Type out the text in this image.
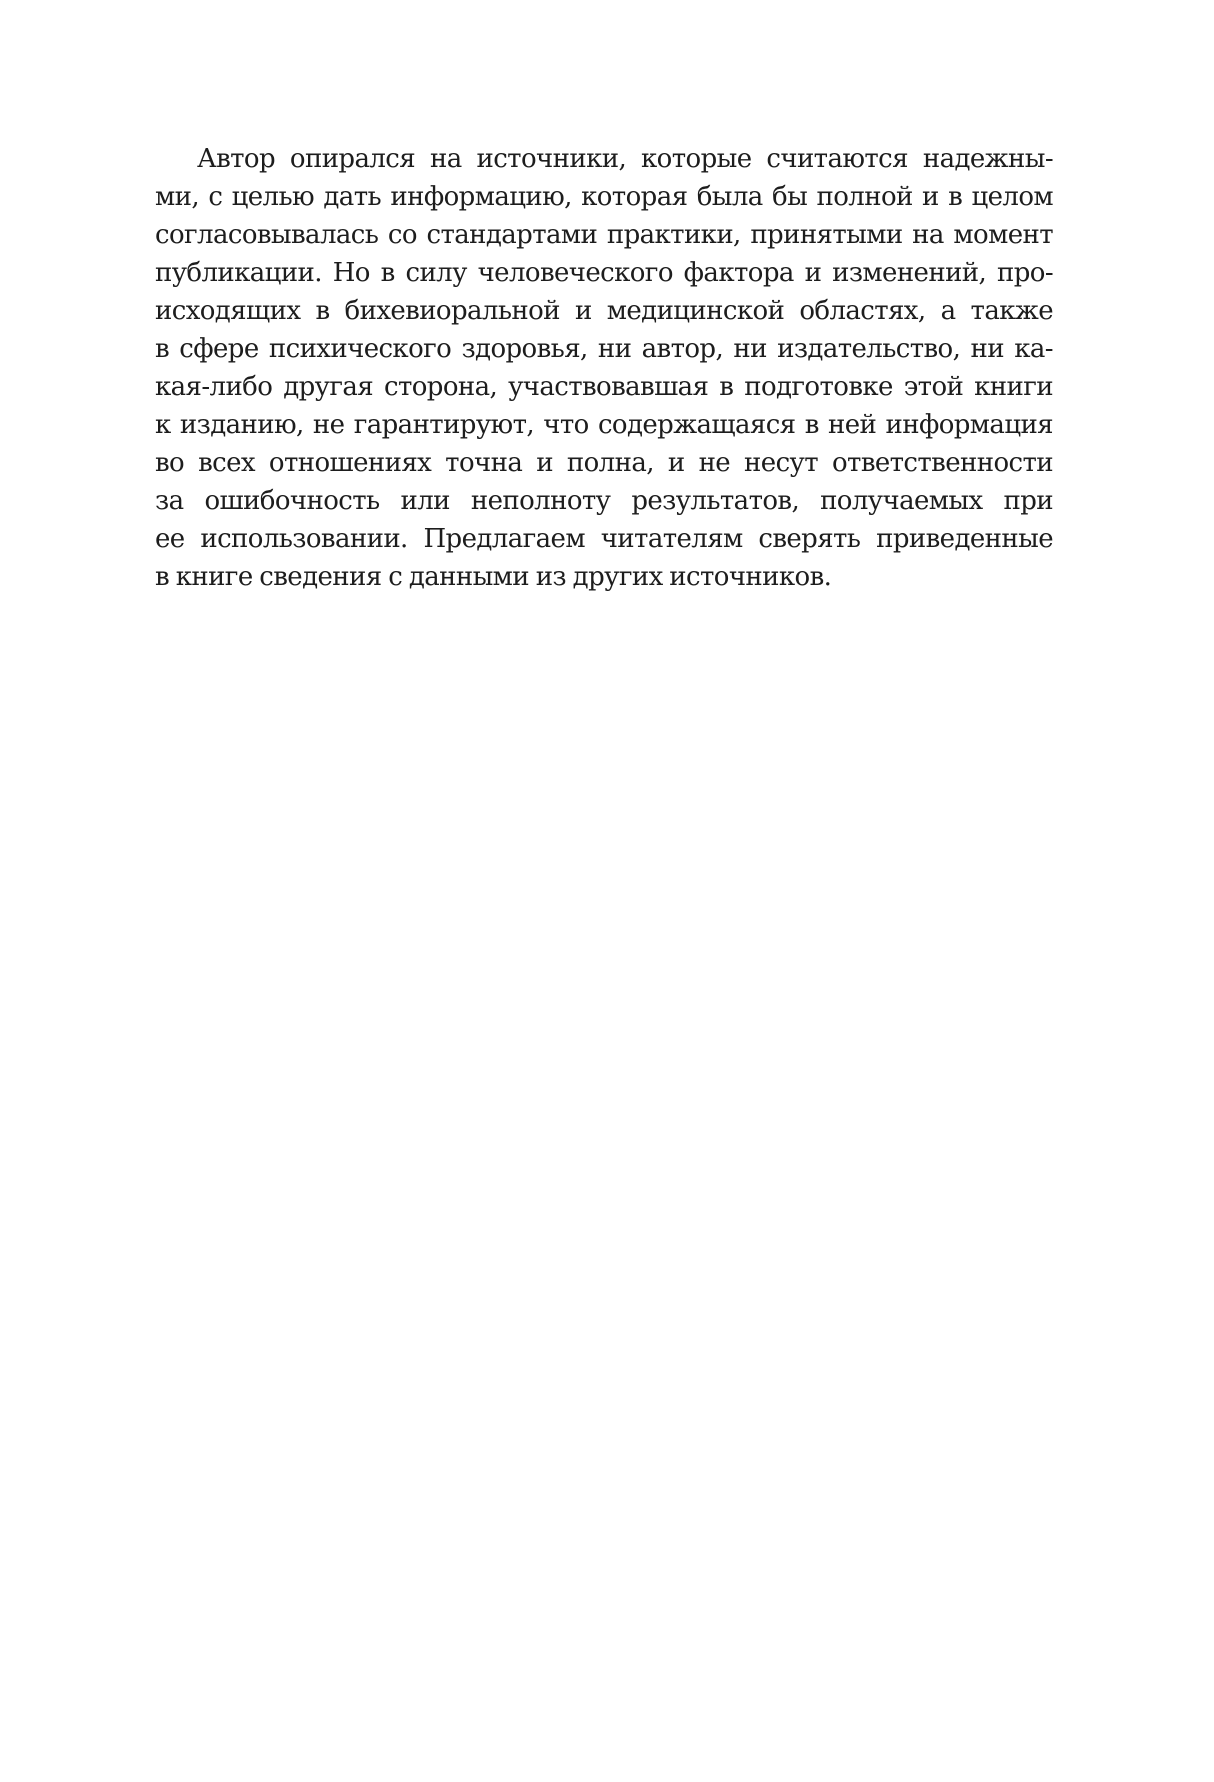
Автор опирался на источники, которые считаются надежны-
ми, с целью дать информацию, которая была бы полной и в целом
согласовывалась со стандартами практики, принятыми на момент
публикации. Но в силу человеческого фактора и изменений, про-
исходящих в бихевиоральной и медицинской областях, а также
в сфере психического здоровья, ни автор, ни издательство, ни ка-
кая-либо другая сторона, участвовавшая в подготовке этой книги
к изданию, не гарантируют, что содержащаяся в ней информация
во всех отношениях точна и полна, и не несут ответственности
за ошибочность или неполноту результатов, получаемых при
ее использовании. Предлагаем читателям сверять приведенные
в книге сведения с данными из других источников.
